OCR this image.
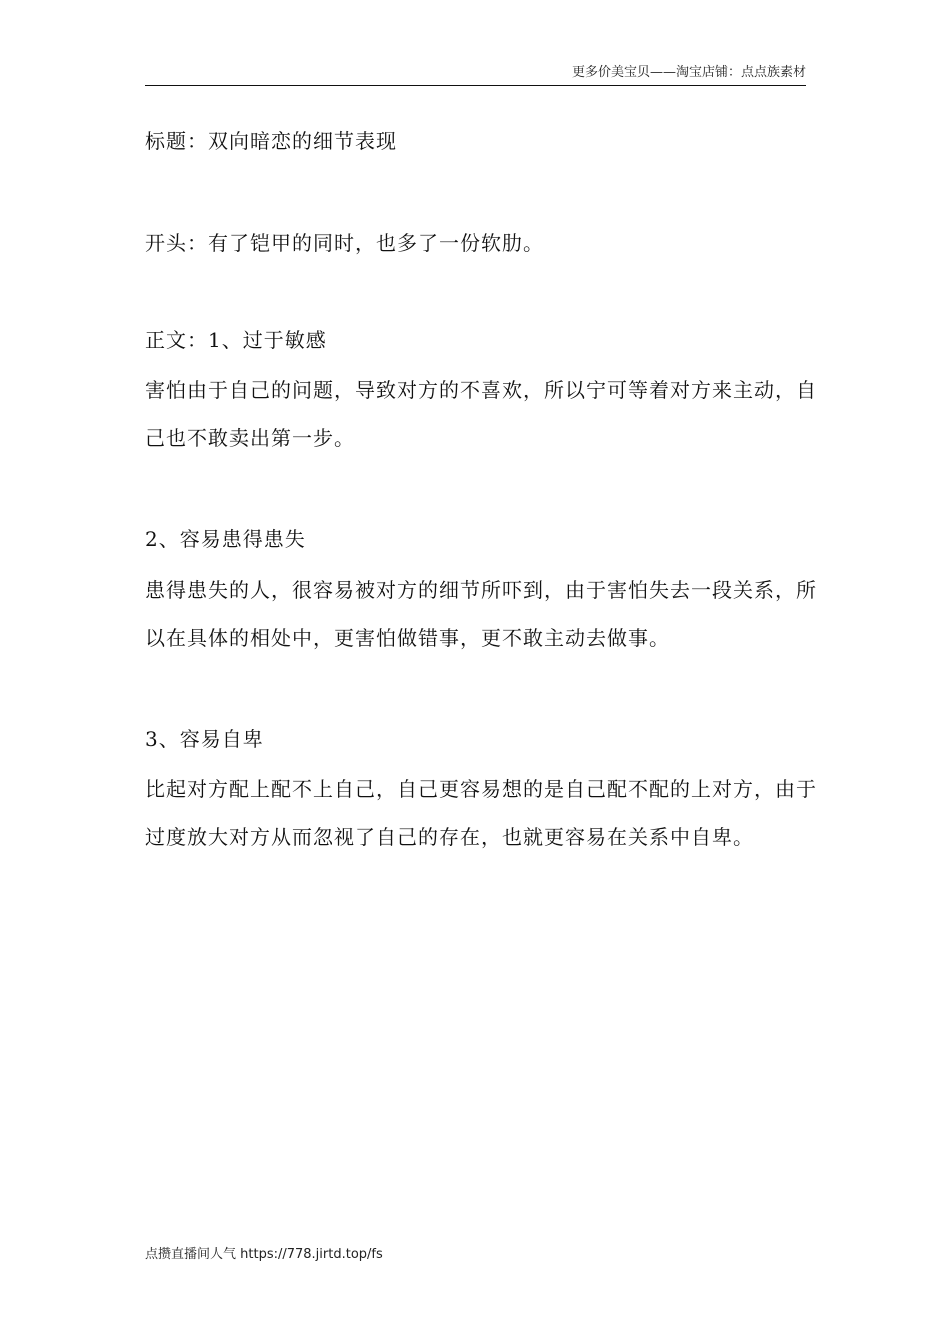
更多价美宝贝——淘宝店铺：点点族素材

标题：双向暗恋的细节表现

开头：有了铠甲的同时，也多了一份软肋。

正文：1、过于敏感

害怕由于自己的问题，导致对方的不喜欢，所以宁可等着对方来主动，自己也不敢卖出第一步。

2、容易患得患失

患得患失的人，很容易被对方的细节所吓到，由于害怕失去一段关系，所以在具体的相处中，更害怕做错事，更不敢主动去做事。

3、容易自卑

比起对方配上配不上自己，自己更容易想的是自己配不配的上对方，由于过度放大对方从而忽视了自己的存在，也就更容易在关系中自卑。

点攒直播间人气 https://778.jirtd.top/fs
